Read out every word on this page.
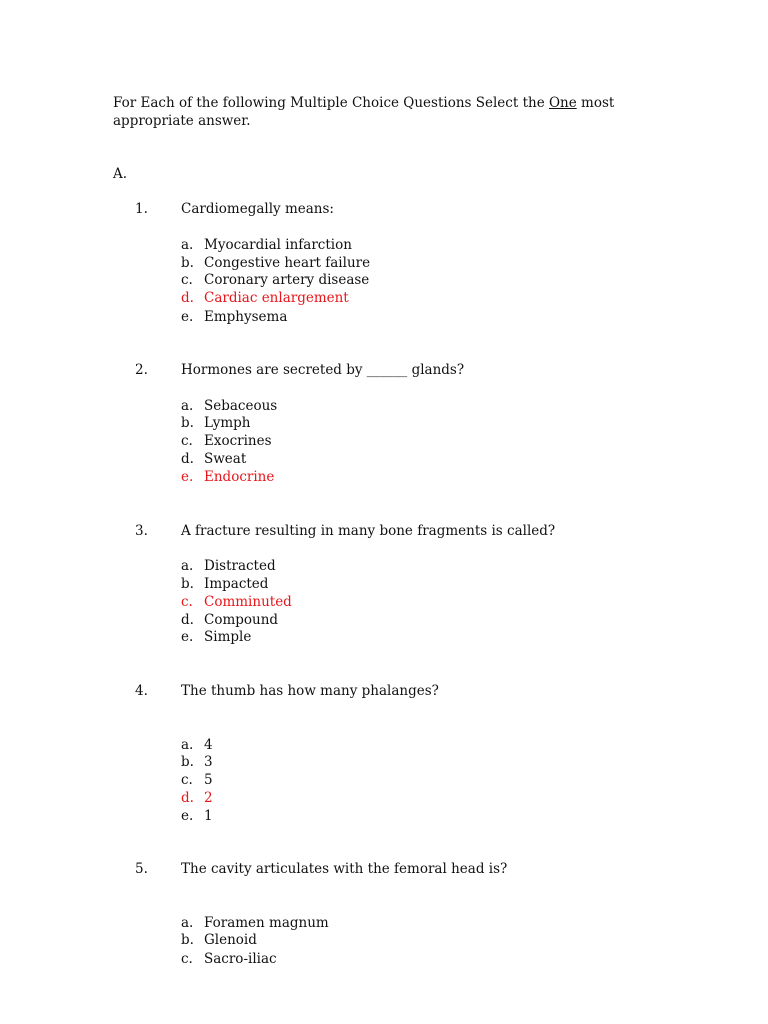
For Each of the following Multiple Choice Questions Select the One most
appropriate answer.
A.
1. Cardiomegally means:
a. Myocardial infarction
b. Congestive heart failure
c. Coronary artery disease
d. Cardiac enlargement
e. Emphysema
2. Hormones are secreted by ______ glands?
a. Sebaceous
b. Lymph
c. Exocrines
d. Sweat
e. Endocrine
3. A fracture resulting in many bone fragments is called?
a. Distracted
b. Impacted
c. Comminuted
d. Compound
e. Simple
4. The thumb has how many phalanges?
a. 4
b. 3
c. 5
d. 2
e. 1
5. The cavity articulates with the femoral head is?
a. Foramen magnum
b. Glenoid
c. Sacro-iliac
